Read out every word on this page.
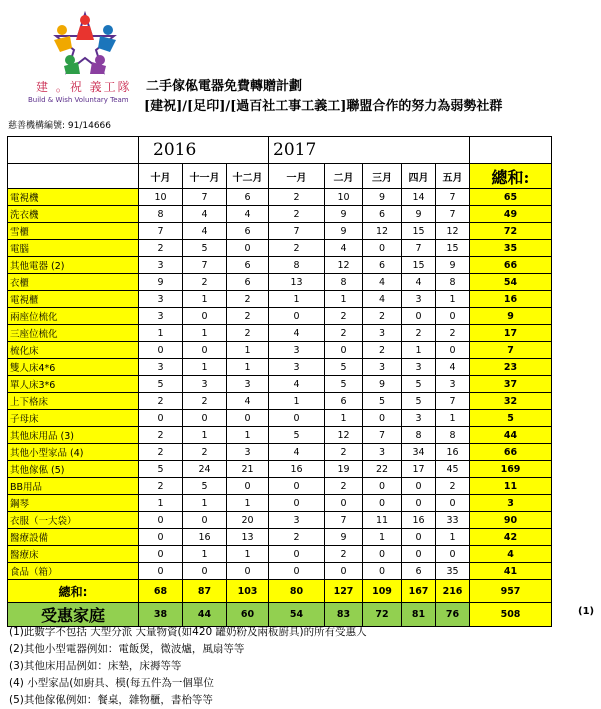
建 。祝 義工隊
Build & Wish Voluntary Team
二手傢俬電器免費轉贈計劃
[建祝]/[足印]/[過百社工事工義工]聯盟合作的努力為弱勢社群
慈善機構編號: 91/14666
	2016			2017					
	十月	十一月	十二月	一月	二月	三月	四月	五月	總和:
電視機	10	7	6	2	10	9	14	7	65
洗衣機	8	4	4	2	9	6	9	7	49
雪櫃	7	4	6	7	9	12	15	12	72
電腦	2	5	0	2	4	0	7	15	35
其他電器 (2)	3	7	6	8	12	6	15	9	66
衣櫃	9	2	6	13	8	4	4	8	54
電視櫃	3	1	2	1	1	4	3	1	16
兩座位梳化	3	0	2	0	2	2	0	0	9
三座位梳化	1	1	2	4	2	3	2	2	17
梳化床	0	0	1	3	0	2	1	0	7
雙人床4*6	3	1	1	3	5	3	3	4	23
單人床3*6	5	3	3	4	5	9	5	3	37
上下格床	2	2	4	1	6	5	5	7	32
子母床	0	0	0	0	1	0	3	1	5
其他床用品 (3)	2	1	1	5	12	7	8	8	44
其他小型家品 (4)	2	2	3	4	2	3	34	16	66
其他傢俬 (5)	5	24	21	16	19	22	17	45	169
BB用品	2	5	0	0	2	0	0	2	11
鋼琴	1	1	1	0	0	0	0	0	3
衣服（一大袋）	0	0	20	3	7	11	16	33	90
醫療設備	0	16	13	2	9	1	0	1	42
醫療床	0	1	1	0	2	0	0	0	4
食品（箱）	0	0	0	0	0	0	6	35	41
總和:	68	87	103	80	127	109	167	216	957
受惠家庭	38	44	60	54	83	72	81	76	508	(1)
(1)此數字不包括 大型分派 大量物資(如420 罐奶粉及兩板廚具)的所有受惠人
(2)其他小型電器例如：電飯煲，微波爐，風扇等等
(3)其他床用品例如：床墊，床褥等等
(4) 小型家品(如廚具、模(每五件為一個單位
(5)其他傢俬例如：餐桌，雜物櫃，書枱等等
